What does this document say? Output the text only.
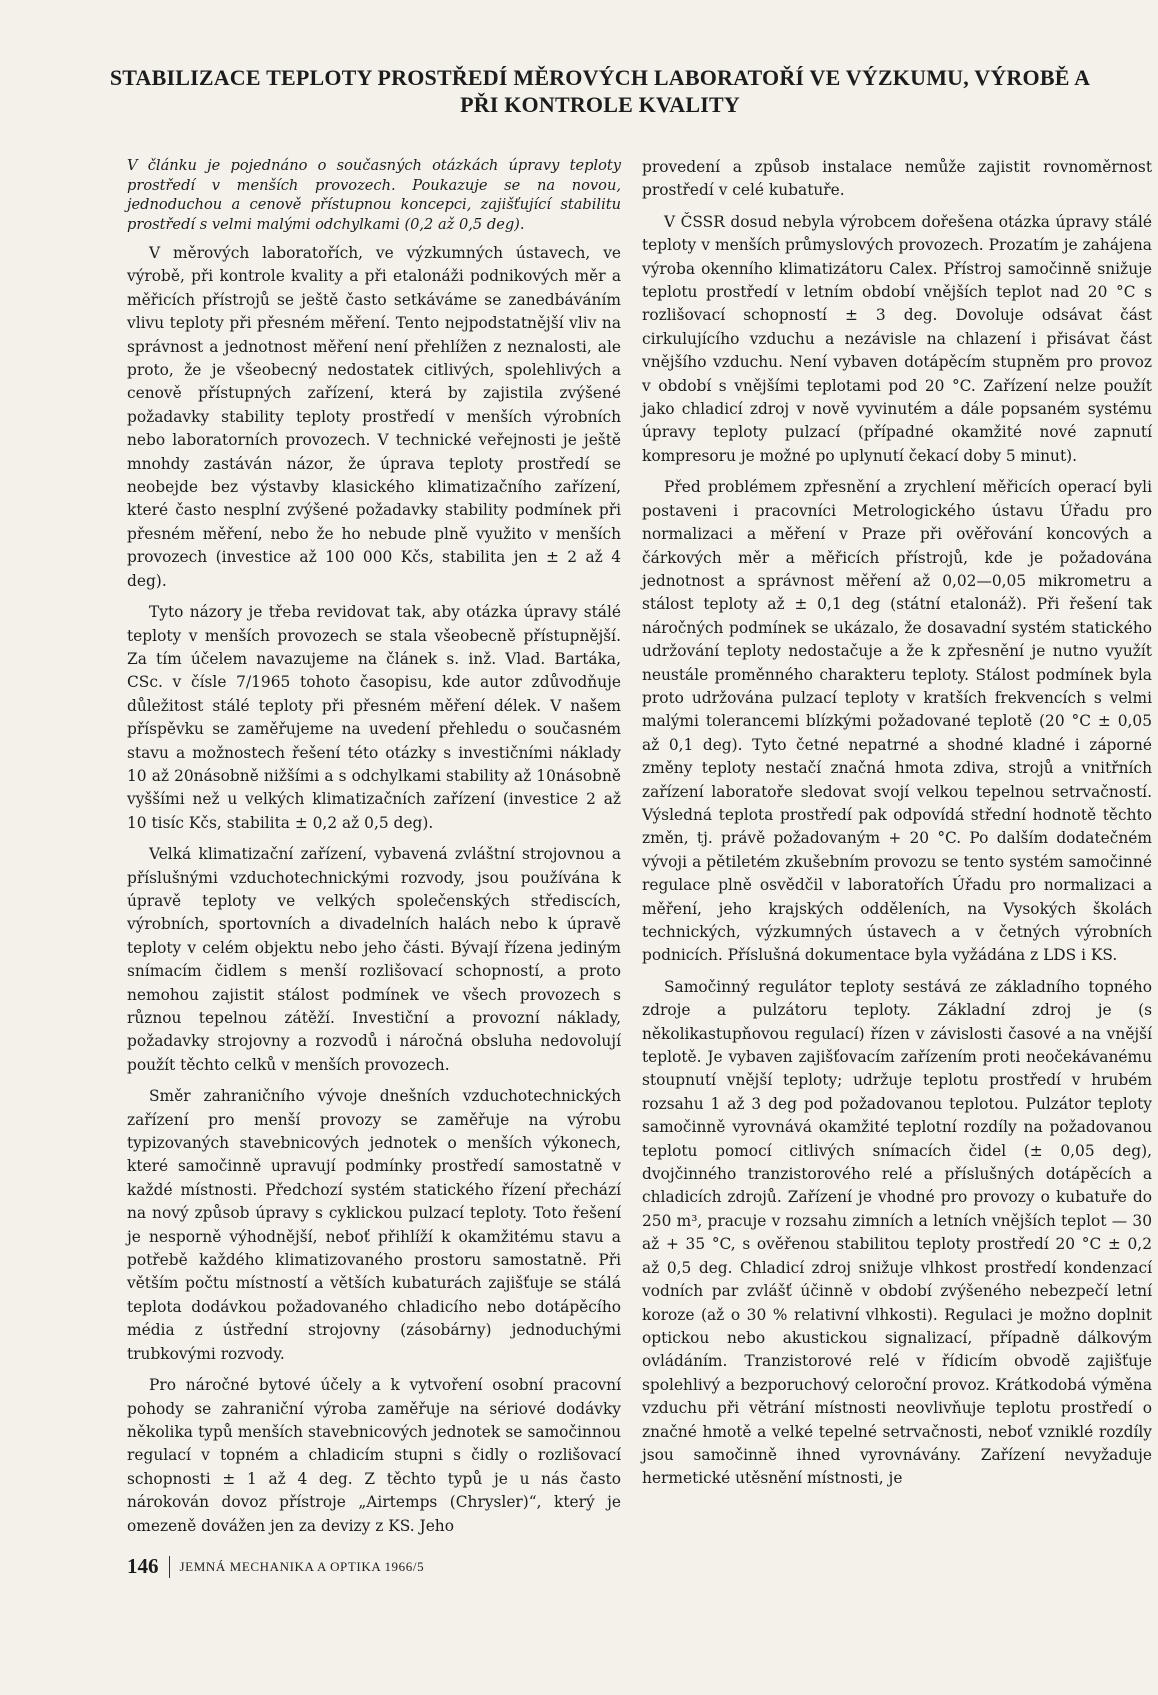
STABILIZACE TEPLOTY PROSTŘEDÍ MĚROVÝCH LABORATOŘÍ VE VÝZKUMU, VÝROBĚ A PŘI KONTROLE KVALITY

V článku je pojednáno o současných otázkách úpravy teploty prostředí v menších provozech. Poukazuje se na novou, jednoduchou a cenově přístupnou koncepci, zajišťující stabilitu prostředí s velmi malými odchylkami (0,2 až 0,5 deg).

V měrových laboratořích, ve výzkumných ústavech, ve výrobě, při kontrole kvality a při etalonáži podnikových měr a měřicích přístrojů se ještě často setkáváme se zanedbáváním vlivu teploty při přesném měření. Tento nejpodstatnější vliv na správnost a jednotnost měření není přehlížen z neznalosti, ale proto, že je všeobecný nedostatek citlivých, spolehlivých a cenově přístupných zařízení, která by zajistila zvýšené požadavky stability teploty prostředí v menších výrobních nebo laboratorních provozech. V technické veřejnosti je ještě mnohdy zastáván názor, že úprava teploty prostředí se neobejde bez výstavby klasického klimatizačního zařízení, které často nesplní zvýšené požadavky stability podmínek při přesném měření, nebo že ho nebude plně využito v menších provozech (investice až 100 000 Kčs, stabilita jen ± 2 až 4 deg).

Tyto názory je třeba revidovat tak, aby otázka úpravy stálé teploty v menších provozech se stala všeobecně přístupnější. Za tím účelem navazujeme na článek s. inž. Vlad. Bartáka, CSc. v čísle 7/1965 tohoto časopisu, kde autor zdůvodňuje důležitost stálé teploty při přesném měření délek. V našem příspěvku se zaměřujeme na uvedení přehledu o současném stavu a možnostech řešení této otázky s investičními náklady 10 až 20násobně nižšími a s odchylkami stability až 10násobně vyššími než u velkých klimatizačních zařízení (investice 2 až 10 tisíc Kčs, stabilita ± 0,2 až 0,5 deg).

Velká klimatizační zařízení, vybavená zvláštní strojovnou a příslušnými vzduchotechnickými rozvody, jsou používána k úpravě teploty ve velkých společenských střediscích, výrobních, sportovních a divadelních halách nebo k úpravě teploty v celém objektu nebo jeho části. Bývají řízena jediným snímacím čidlem s menší rozlišovací schopností, a proto nemohou zajistit stálost podmínek ve všech provozech s různou tepelnou zátěží. Investiční a provozní náklady, požadavky strojovny a rozvodů i náročná obsluha nedovolují použít těchto celků v menších provozech.

Směr zahraničního vývoje dnešních vzduchotechnických zařízení pro menší provozy se zaměřuje na výrobu typizovaných stavebnicových jednotek o menších výkonech, které samočinně upravují podmínky prostředí samostatně v každé místnosti. Předchozí systém statického řízení přechází na nový způsob úpravy s cyklickou pulzací teploty. Toto řešení je nesporně výhodnější, neboť přihlíží k okamžitému stavu a potřebě každého klimatizovaného prostoru samostatně. Při větším počtu místností a větších kubaturách zajišťuje se stálá teplota dodávkou požadovaného chladicího nebo dotápěcího média z ústřední strojovny (zásobárny) jednoduchými trubkovými rozvody.

Pro náročné bytové účely a k vytvoření osobní pracovní pohody se zahraniční výroba zaměřuje na sériové dodávky několika typů menších stavebnicových jednotek se samočinnou regulací v topném a chladicím stupni s čidly o rozlišovací schopnosti ± 1 až 4 deg. Z těchto typů je u nás často nárokován dovoz přístroje „Airtemps (Chrysler)“, který je omezeně dovážen jen za devizy z KS. Jeho

provedení a způsob instalace nemůže zajistit rovnoměrnost prostředí v celé kubatuře.

V ČSSR dosud nebyla výrobcem dořešena otázka úpravy stálé teploty v menších průmyslových provozech. Prozatím je zahájena výroba okenního klimatizátoru Calex. Přístroj samočinně snižuje teplotu prostředí v letním období vnějších teplot nad 20 °C s rozlišovací schopností ± 3 deg. Dovoluje odsávat část cirkulujícího vzduchu a nezávisle na chlazení i přisávat část vnějšího vzduchu. Není vybaven dotápěcím stupněm pro provoz v období s vnějšími teplotami pod 20 °C. Zařízení nelze použít jako chladicí zdroj v nově vyvinutém a dále popsaném systému úpravy teploty pulzací (případné okamžité nové zapnutí kompresoru je možné po uplynutí čekací doby 5 minut).

Před problémem zpřesnění a zrychlení měřicích operací byli postaveni i pracovníci Metrologického ústavu Úřadu pro normalizaci a měření v Praze při ověřování koncových a čárkových měr a měřicích přístrojů, kde je požadována jednotnost a správnost měření až 0,02—0,05 mikrometru a stálost teploty až ± 0,1 deg (státní etalonáž). Při řešení tak náročných podmínek se ukázalo, že dosavadní systém statického udržování teploty nedostačuje a že k zpřesnění je nutno využít neustále proměnného charakteru teploty. Stálost podmínek byla proto udržována pulzací teploty v kratších frekvencích s velmi malými tolerancemi blízkými požadované teplotě (20 °C ± 0,05 až 0,1 deg). Tyto četné nepatrné a shodné kladné i záporné změny teploty nestačí značná hmota zdiva, strojů a vnitřních zařízení laboratoře sledovat svojí velkou tepelnou setrvačností. Výsledná teplota prostředí pak odpovídá střední hodnotě těchto změn, tj. právě požadovaným + 20 °C. Po dalším dodatečném vývoji a pětiletém zkušebním provozu se tento systém samočinné regulace plně osvědčil v laboratořích Úřadu pro normalizaci a měření, jeho krajských odděleních, na Vysokých školách technických, výzkumných ústavech a v četných výrobních podnicích. Příslušná dokumentace byla vyžádána z LDS i KS.

Samočinný regulátor teploty sestává ze základního topného zdroje a pulzátoru teploty. Základní zdroj je (s několikastupňovou regulací) řízen v závislosti časové a na vnější teplotě. Je vybaven zajišťovacím zařízením proti neočekávanému stoupnutí vnější teploty; udržuje teplotu prostředí v hrubém rozsahu 1 až 3 deg pod požadovanou teplotou. Pulzátor teploty samočinně vyrovnává okamžité teplotní rozdíly na požadovanou teplotu pomocí citlivých snímacích čidel (± 0,05 deg), dvojčinného tranzistorového relé a příslušných dotápěcích a chladicích zdrojů. Zařízení je vhodné pro provozy o kubatuře do 250 m³, pracuje v rozsahu zimních a letních vnějších teplot — 30 až + 35 °C, s ověřenou stabilitou teploty prostředí 20 °C ± 0,2 až 0,5 deg. Chladicí zdroj snižuje vlhkost prostředí kondenzací vodních par zvlášť účinně v období zvýšeného nebezpečí letní koroze (až o 30 % relativní vlhkosti). Regulaci je možno doplnit optickou nebo akustickou signalizací, případně dálkovým ovládáním. Tranzistorové relé v řídicím obvodě zajišťuje spolehlivý a bezporuchový celoroční provoz. Krátkodobá výměna vzduchu při větrání místnosti neovlivňuje teplotu prostředí o značné hmotě a velké tepelné setrvačnosti, neboť vzniklé rozdíly jsou samočinně ihned vyrovnávány. Zařízení nevyžaduje hermetické utěsnění místnosti, je

146 JEMNÁ MECHANIKA A OPTIKA 1966/5
